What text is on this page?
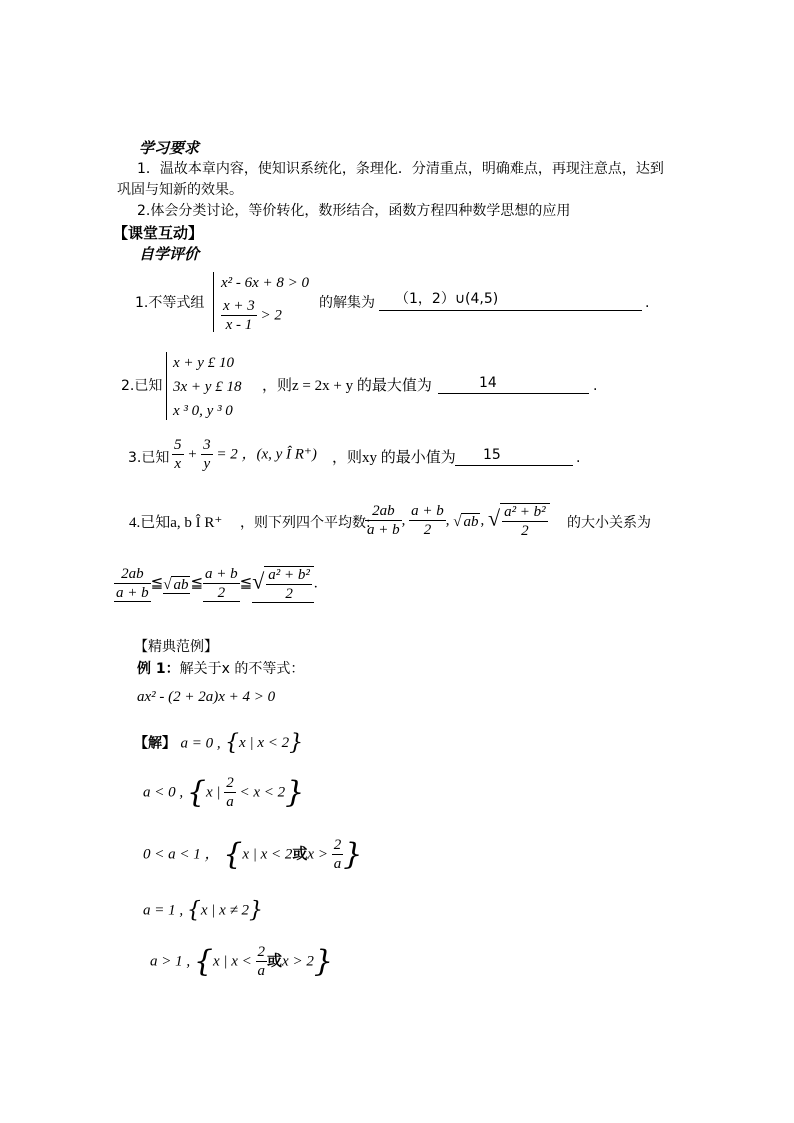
学习要求
1．温故本章内容，使知识系统化，条理化．分清重点，明确难点，再现注意点，达到
巩固与知新的效果。
2.体会分类讨论，等价转化，数形结合，函数方程四种数学思想的应用
【课堂互动】
自学评价
1.不等式组
x² - 6x + 8 > 0
$\frac{x + 3}{x - 1} > 2$
的解集为 （1，2）∪(4,5)	.
2.已知
x + y £ 10
3x + y £ 18
x ³ 0, y ³ 0
，则z = 2x + y 的最大值为	14	.
3.已知 $\frac{5}{x} + \frac{3}{y} = 2$ ，(x, y Î R⁺) ，则xy 的最小值为 15	.
4.已知a, b Î R⁺ ，则下列四个平均数:
$\frac{2ab}{a + b}$ , $\frac{a + b}{2}$ , √ ab , √ $\frac{\text{a² + b²}}{2}$ 的大小关系为
$\frac{2ab}{a + b}$ ≦√ ab ≦ $\frac{a + b}{2}$ ≦√ $\frac{\text{a² + b²}}{2}$ .
【精典范例】
例 1：解关于x 的不等式：
ax² - (2 + 2a)x + 4 > 0
【解】 a = 0 , {x | x < 2}
a < 0 , {x | $\frac{2}{a} < x < 2$}
0 < a < 1 ， {x | x < 2或$x > \frac{2}{a}$ }
a = 1 , {x | x ≠ 2}
a > 1 , {x | $x < \frac{2}{a}$ 或x > 2}
